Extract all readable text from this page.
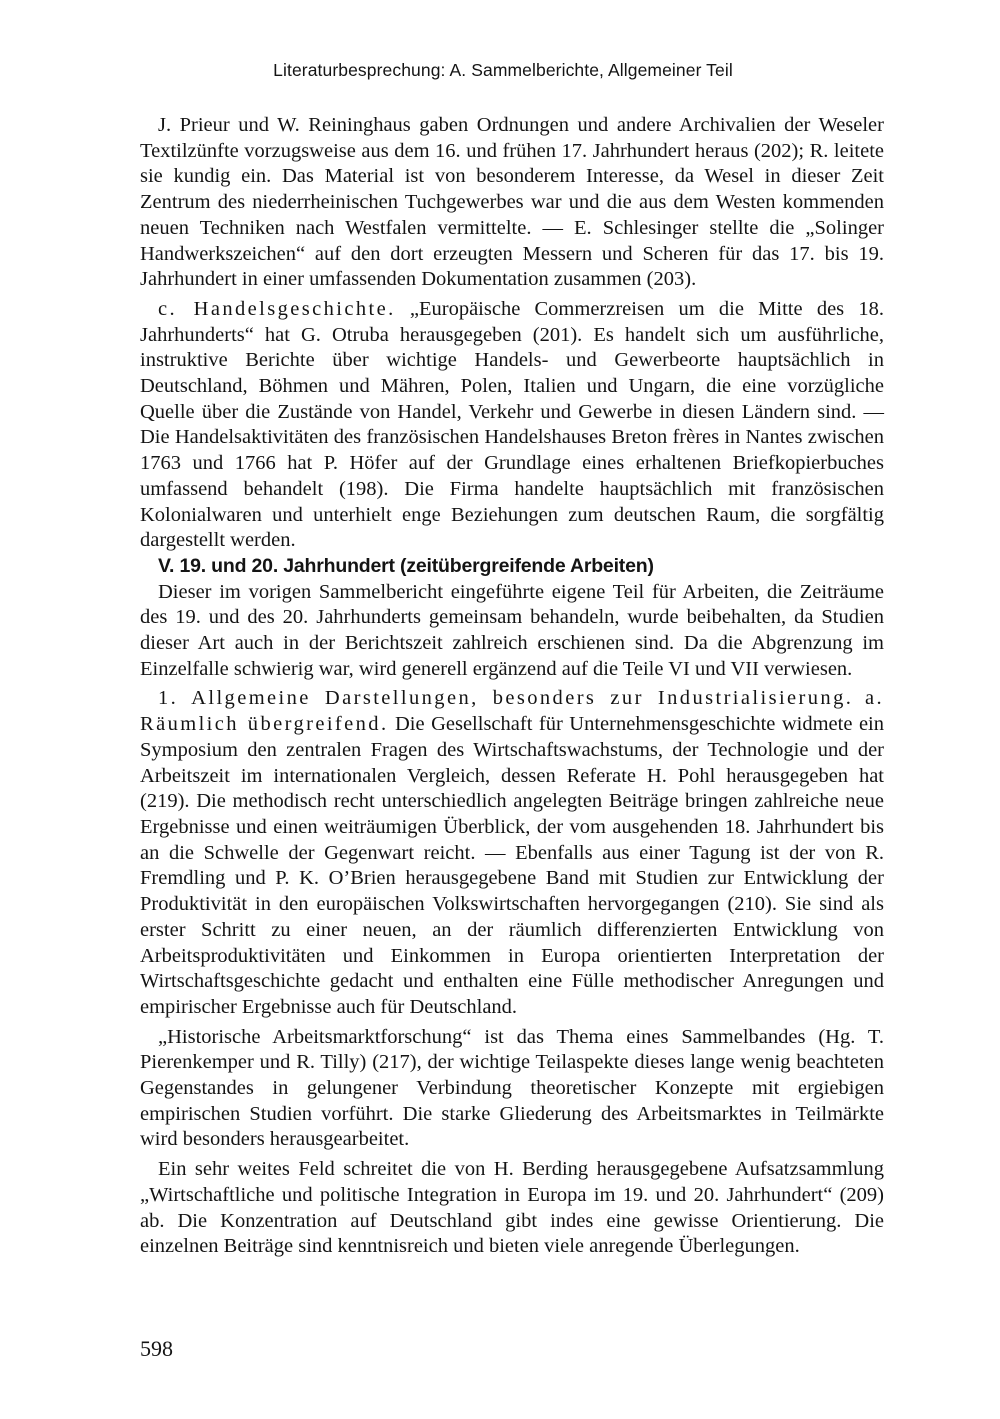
Literaturbesprechung: A. Sammelberichte, Allgemeiner Teil

J. Prieur und W. Reininghaus gaben Ordnungen und andere Archivalien der Weseler Textilzünfte vorzugsweise aus dem 16. und frühen 17. Jahrhundert heraus (202); R. leitete sie kundig ein. Das Material ist von besonderem Interesse, da Wesel in dieser Zeit Zentrum des niederrheinischen Tuchgewerbes war und die aus dem Westen kommenden neuen Techniken nach Westfalen vermittelte. — E. Schlesinger stellte die „Solinger Handwerkszeichen“ auf den dort erzeugten Messern und Scheren für das 17. bis 19. Jahrhundert in einer umfassenden Dokumentation zusammen (203).

c. Handelsgeschichte. „Europäische Commerzreisen um die Mitte des 18. Jahrhunderts“ hat G. Otruba herausgegeben (201). Es handelt sich um ausführliche, instruktive Berichte über wichtige Handels- und Gewerbeorte hauptsächlich in Deutschland, Böhmen und Mähren, Polen, Italien und Ungarn, die eine vorzügliche Quelle über die Zustände von Handel, Verkehr und Gewerbe in diesen Ländern sind. — Die Handelsaktivitäten des französischen Handelshauses Breton frères in Nantes zwischen 1763 und 1766 hat P. Höfer auf der Grundlage eines erhaltenen Briefkopierbuches umfassend behandelt (198). Die Firma handelte hauptsächlich mit französischen Kolonialwaren und unterhielt enge Beziehungen zum deutschen Raum, die sorgfältig dargestellt werden.

V. 19. und 20. Jahrhundert (zeitübergreifende Arbeiten)

Dieser im vorigen Sammelbericht eingeführte eigene Teil für Arbeiten, die Zeiträume des 19. und des 20. Jahrhunderts gemeinsam behandeln, wurde beibehalten, da Studien dieser Art auch in der Berichtszeit zahlreich erschienen sind. Da die Abgrenzung im Einzelfalle schwierig war, wird generell ergänzend auf die Teile VI und VII verwiesen.

1. Allgemeine Darstellungen, besonders zur Industrialisierung. a. Räumlich übergreifend. Die Gesellschaft für Unternehmensgeschichte widmete ein Symposium den zentralen Fragen des Wirtschaftswachstums, der Technologie und der Arbeitszeit im internationalen Vergleich, dessen Referate H. Pohl herausgegeben hat (219). Die methodisch recht unterschiedlich angelegten Beiträge bringen zahlreiche neue Ergebnisse und einen weiträumigen Überblick, der vom ausgehenden 18. Jahrhundert bis an die Schwelle der Gegenwart reicht. — Ebenfalls aus einer Tagung ist der von R. Fremdling und P. K. O’Brien herausgegebene Band mit Studien zur Entwicklung der Produktivität in den europäischen Volkswirtschaften hervorgegangen (210). Sie sind als erster Schritt zu einer neuen, an der räumlich differenzierten Entwicklung von Arbeitsproduktivitäten und Einkommen in Europa orientierten Interpretation der Wirtschaftsgeschichte gedacht und enthalten eine Fülle methodischer Anregungen und empirischer Ergebnisse auch für Deutschland.

„Historische Arbeitsmarktforschung“ ist das Thema eines Sammelbandes (Hg. T. Pierenkemper und R. Tilly) (217), der wichtige Teilaspekte dieses lange wenig beachteten Gegenstandes in gelungener Verbindung theoretischer Konzepte mit ergiebigen empirischen Studien vorführt. Die starke Gliederung des Arbeitsmarktes in Teilmärkte wird besonders herausgearbeitet.

Ein sehr weites Feld schreitet die von H. Berding herausgegebene Aufsatzsammlung „Wirtschaftliche und politische Integration in Europa im 19. und 20. Jahrhundert“ (209) ab. Die Konzentration auf Deutschland gibt indes eine gewisse Orientierung. Die einzelnen Beiträge sind kenntnisreich und bieten viele anregende Überlegungen.

598
